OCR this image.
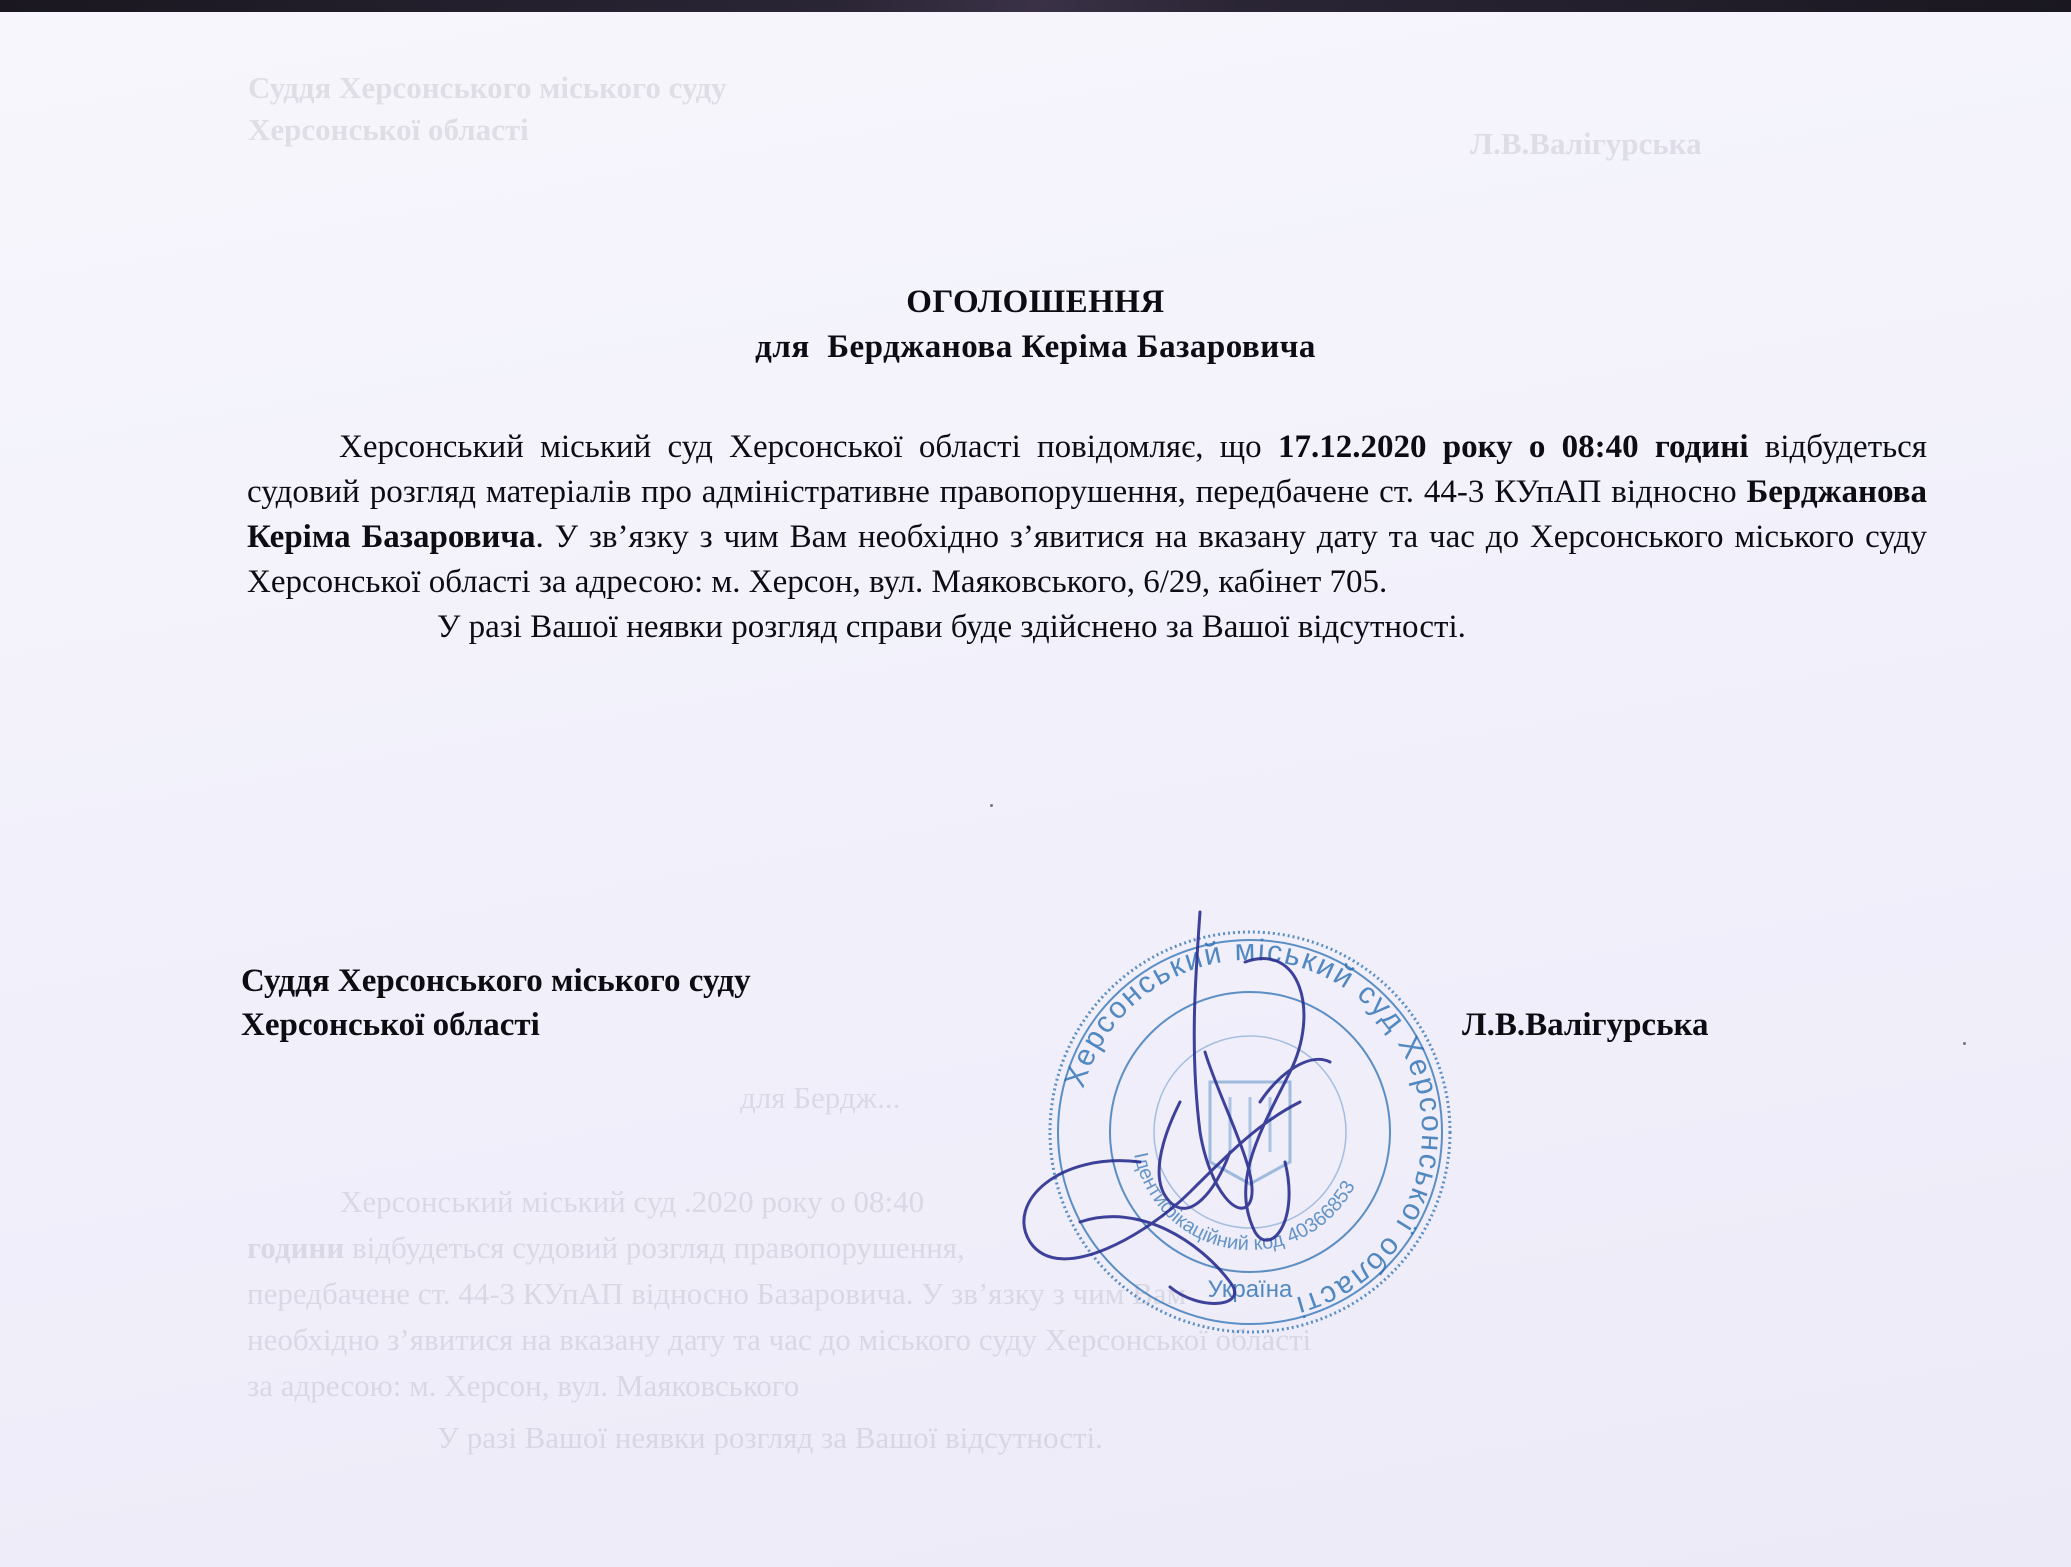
Суддя Херсонського міського суду
Херсонської області	Л.В.Валігурська
для Бердж...
Херсонський міський суд .2020 року о 08:40
години відбудеться судовий розгляд правопорушення,
передбачене ст. 44-3 КУпАП відносно Базаровича. У зв’язку з чим Вам
необхідно з’явитися на вказану дату та час до міського суду Херсонської області
за адресою: м. Херсон, вул. Маяковського
У разі Вашої неявки розгляд за Вашої відсутності.
ОГОЛОШЕННЯ
для Берджанова Керіма Базаровича

Херсонський міський суд Херсонської області повідомляє, що 17.12.2020 року о 08:40 годині відбудеться судовий розгляд матеріалів про адміністративне правопорушення, передбачене ст. 44-3 КУпАП відносно Берджанова Керіма Базаровича. У зв’язку з чим Вам необхідно з’явитися на вказану дату та час до Херсонського міського суду Херсонської області за адресою: м. Херсон, вул. Маяковського, 6/29, кабінет 705.

У разі Вашої неявки розгляд справи буде здійснено за Вашої відсутності.

Суддя Херсонського міського суду
Херсонської області	Л.В.Валігурська
Херсонський міський суд Херсонської області
Ідентифікаційний код 40366853
Україна
